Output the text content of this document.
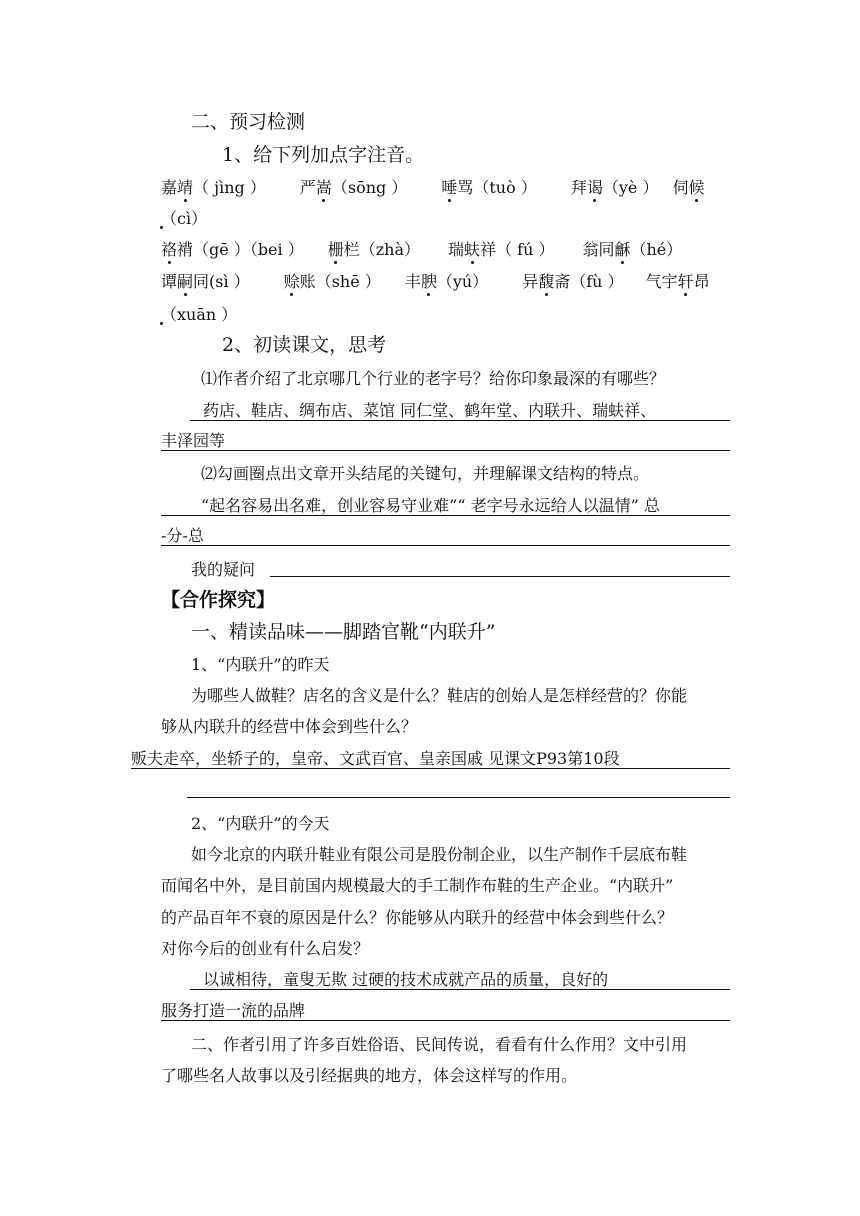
二、预习检测
1、给下列加点字注音。
嘉靖（ jìng ） 严嵩（sōng ） 唾骂（tuò ） 拜谒（yè ） 伺候
（cì）
袼褙（gē ）（bei ） 栅栏（zhà） 瑞蚨祥（ fú ） 翁同龢（hé）
谭嗣同(sì ） 赊账（shē ） 丰腴（yú） 异馥斋（fù ） 气宇轩昂
（xuān ）
2、初读课文，思考
⑴作者介绍了北京哪几个行业的老字号？给你印象最深的有哪些？
药店、鞋店、绸布店、菜馆 同仁堂、鹤年堂、内联升、瑞蚨祥、
丰泽园等
⑵勾画圈点出文章开头结尾的关键句，并理解课文结构的特点。
“起名容易出名难，创业容易守业难”“ 老字号永远给人以温情” 总
-分-总
我的疑问
【合作探究】
一、精读品味——脚踏官靴“内联升”
1、“内联升”的昨天
为哪些人做鞋？店名的含义是什么？鞋店的创始人是怎样经营的？你能
够从内联升的经营中体会到些什么？
贩夫走卒，坐轿子的，皇帝、文武百官、皇亲国戚 见课文P93第10段
2、“内联升”的今天
如今北京的内联升鞋业有限公司是股份制企业，以生产制作千层底布鞋
而闻名中外，是目前国内规模最大的手工制作布鞋的生产企业。“内联升”
的产品百年不衰的原因是什么？你能够从内联升的经营中体会到些什么？
对你今后的创业有什么启发？
以诚相待，童叟无欺 过硬的技术成就产品的质量，良好的
服务打造一流的品牌
二、作者引用了许多百姓俗语、民间传说，看看有什么作用？文中引用
了哪些名人故事以及引经据典的地方，体会这样写的作用。
